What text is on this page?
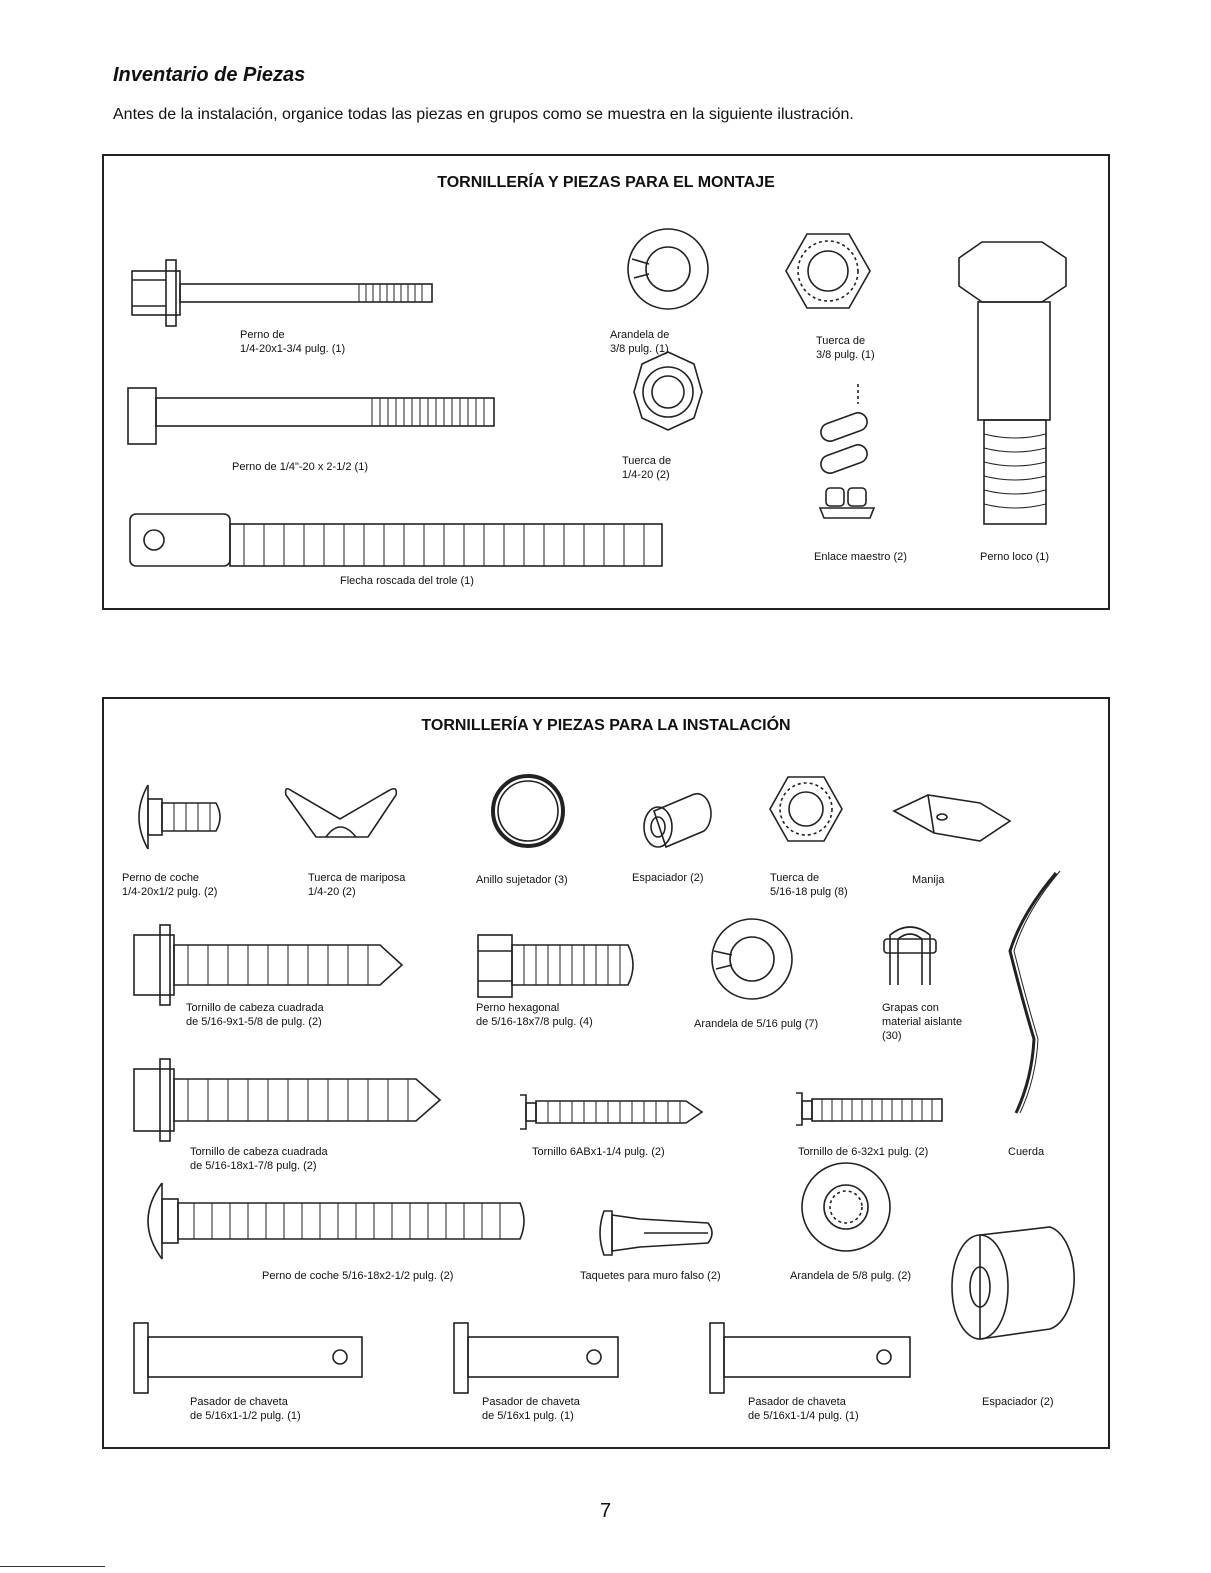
Inventario de Piezas
Antes de la instalación, organice todas las piezas en grupos como se muestra en la siguiente ilustración.
TORNILLERÍA Y PIEZAS PARA EL MONTAJE
Perno de
1/4-20x1-3/4 pulg. (1)
Perno de 1/4"-20 x 2-1/2 (1)
Flecha roscada del trole (1)
Arandela de
3/8 pulg. (1)
Tuerca de
1/4-20 (2)
Tuerca de
3/8 pulg. (1)
Enlace maestro (2)	Perno loco (1)
TORNILLERÍA Y PIEZAS PARA LA INSTALACIÓN
Perno de coche
1/4-20x1/2 pulg. (2)
Tuerca de mariposa
1/4-20 (2)
Anillo sujetador (3)	Espaciador (2)	Tuerca de
5/16-18 pulg (8)
Manija
Tornillo de cabeza cuadrada
de 5/16-9x1-5/8 de pulg. (2)
Perno hexagonal
de 5/16-18x7/8 pulg. (4)	Arandela de 5/16 pulg (7)
Grapas con
material aislante
(30)
Tornillo de cabeza cuadrada
de 5/16-18x1-7/8 pulg. (2)
Tornillo 6ABx1-1/4 pulg. (2)	Tornillo de 6-32x1 pulg. (2)	Cuerda
Perno de coche 5/16-18x2-1/2 pulg. (2)	Taquetes para muro falso (2)	Arandela de 5/8 pulg. (2)
Pasador de chaveta
de 5/16x1-1/2 pulg. (1)
Pasador de chaveta
de 5/16x1 pulg. (1)
Pasador de chaveta
de 5/16x1-1/4 pulg. (1)
Espaciador (2)
7
